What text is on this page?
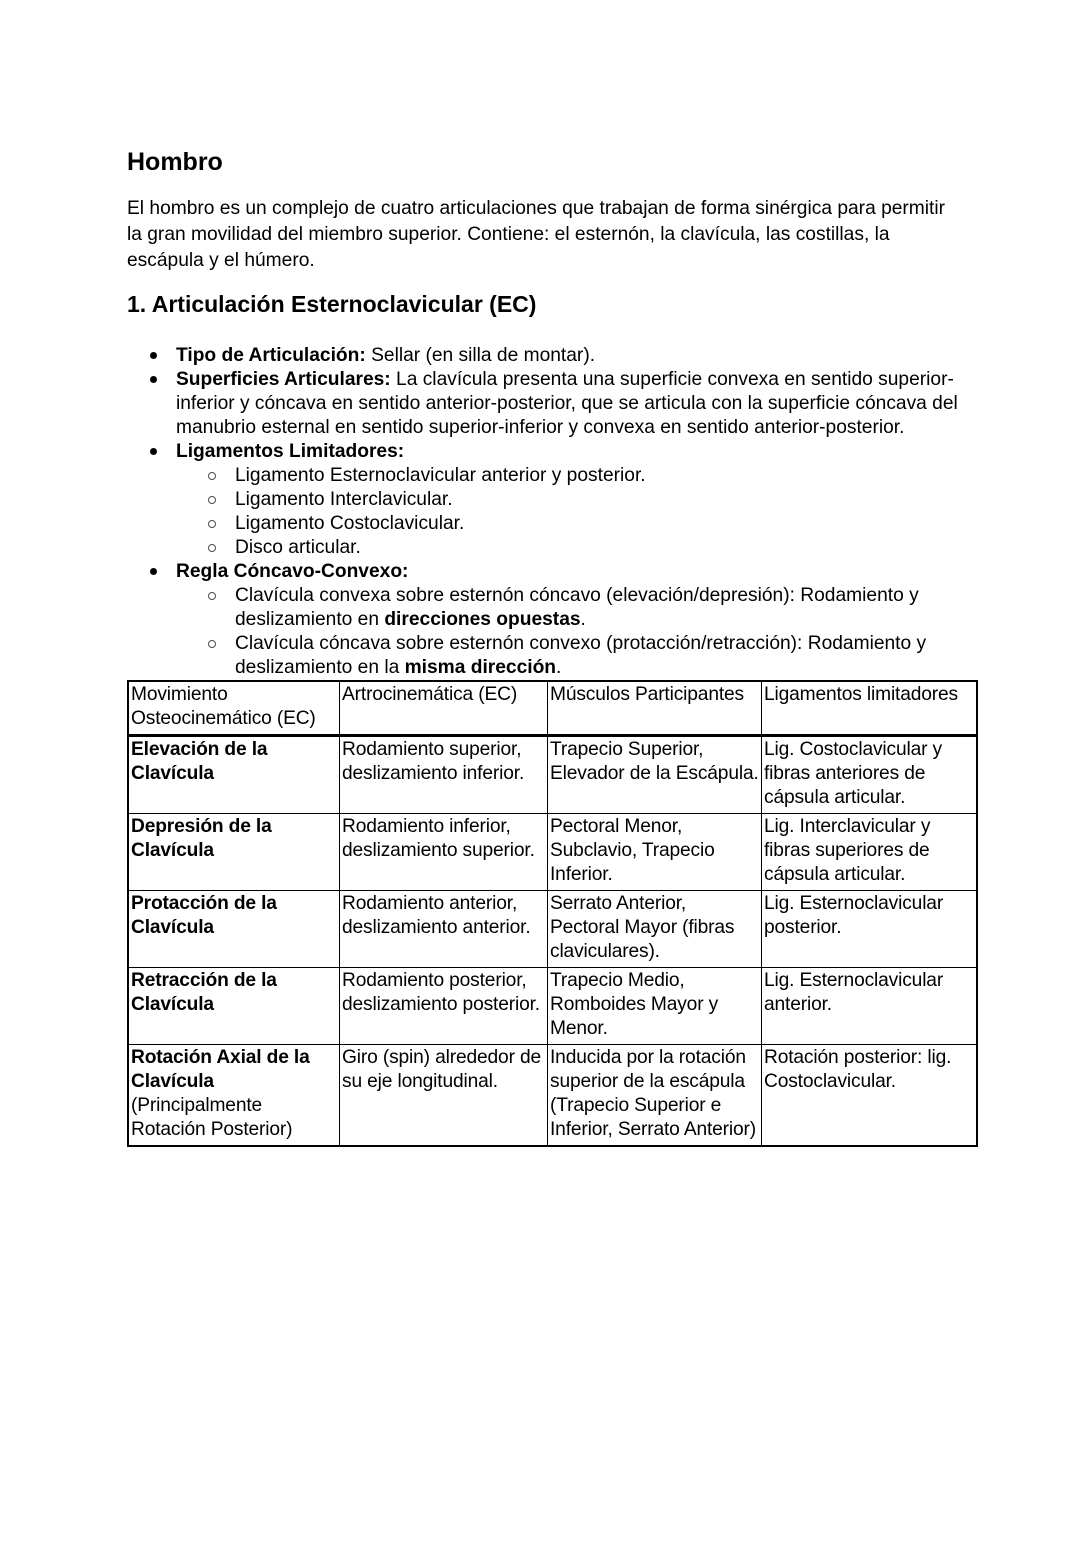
Hombro

El hombro es un complejo de cuatro articulaciones que trabajan de forma sinérgica para permitir la gran movilidad del miembro superior. Contiene: el esternón, la clavícula, las costillas, la escápula y el húmero.

1. Articulación Esternoclavicular (EC)
Tipo de Articulación: Sellar (en silla de montar).
Superficies Articulares: La clavícula presenta una superficie convexa en sentido superior-inferior y cóncava en sentido anterior-posterior, que se articula con la superficie cóncava del manubrio esternal en sentido superior-inferior y convexa en sentido anterior-posterior.
Ligamentos Limitadores:
Ligamento Esternoclavicular anterior y posterior.
Ligamento Interclavicular.
Ligamento Costoclavicular.
Disco articular.
Regla Cóncavo-Convexo:
Clavícula convexa sobre esternón cóncavo (elevación/depresión): Rodamiento y deslizamiento en direcciones opuestas.
Clavícula cóncava sobre esternón convexo (protacción/retracción): Rodamiento y deslizamiento en la misma dirección.
Movimiento Osteocinemático (EC)	Artrocinemática (EC)	Músculos Participantes	Ligamentos limitadores
Elevación de la Clavícula	Rodamiento superior, deslizamiento inferior.	Trapecio Superior, Elevador de la Escápula.	Lig. Costoclavicular y fibras anteriores de cápsula articular.
Depresión de la Clavícula	Rodamiento inferior, deslizamiento superior.	Pectoral Menor, Subclavio, Trapecio Inferior.	Lig. Interclavicular y fibras superiores de cápsula articular.
Protacción de la Clavícula	Rodamiento anterior, deslizamiento anterior.	Serrato Anterior, Pectoral Mayor (fibras claviculares).	Lig. Esternoclavicular posterior.
Retracción de la Clavícula	Rodamiento posterior, deslizamiento posterior.	Trapecio Medio, Romboides Mayor y Menor.	Lig. Esternoclavicular anterior.
Rotación Axial de la Clavícula
(Principalmente Rotación Posterior)	Giro (spin) alrededor de su eje longitudinal.	Inducida por la rotación superior de la escápula (Trapecio Superior e Inferior, Serrato Anterior)	Rotación posterior: lig. Costoclavicular.
